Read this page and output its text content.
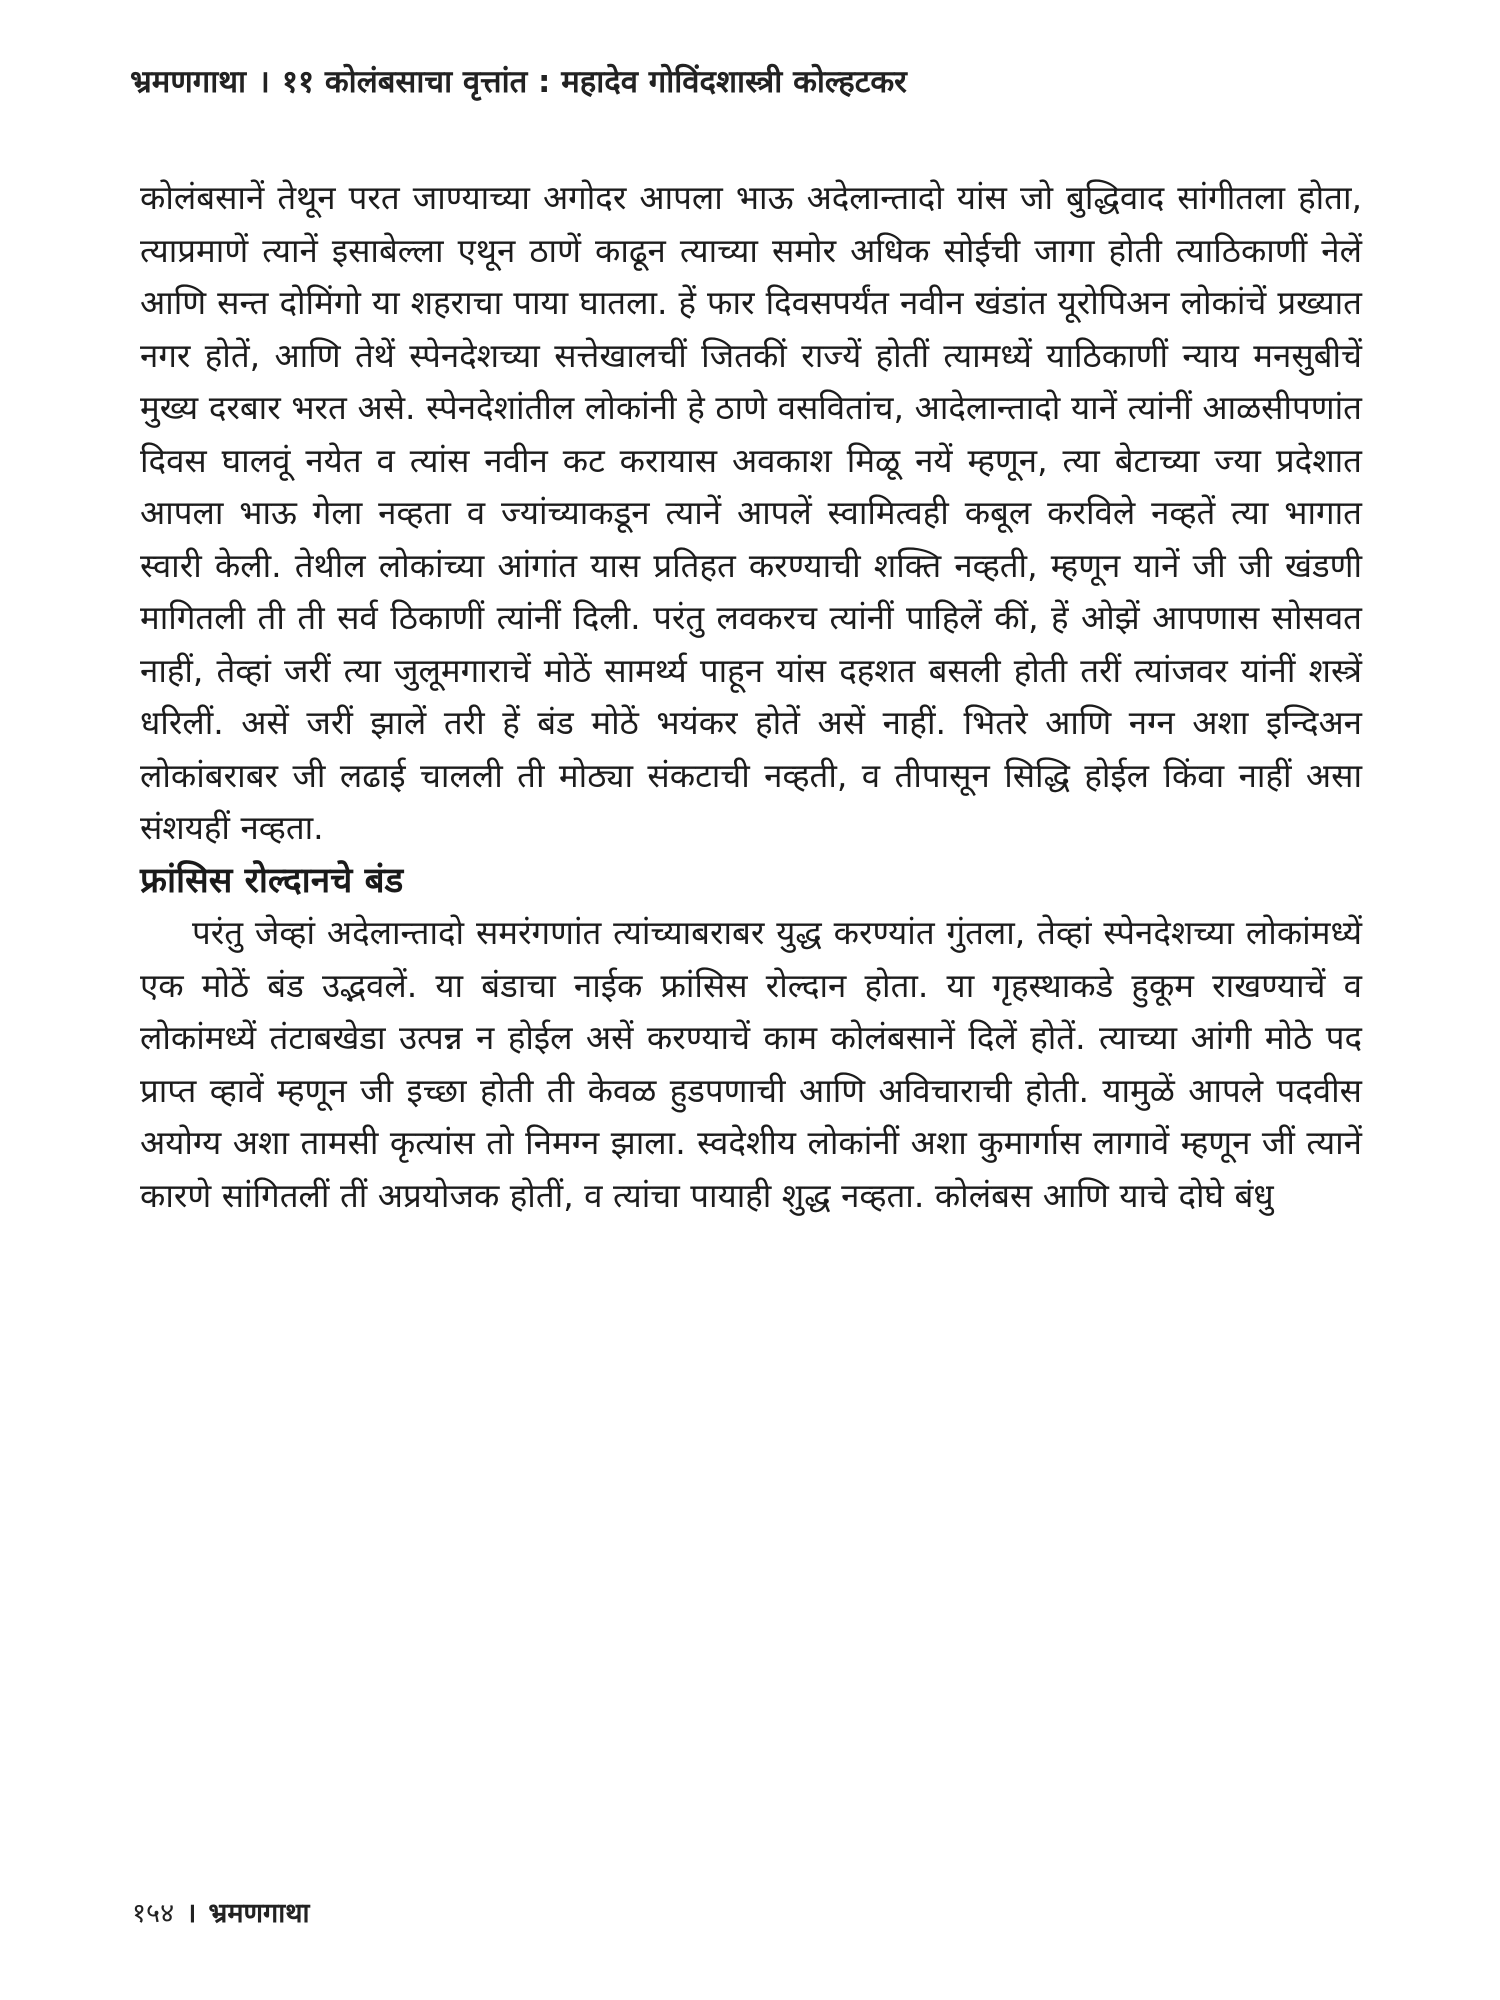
भ्रमणगाथा । ११ कोलंबसाचा वृत्तांत : महादेव गोविंदशास्त्री कोल्हटकर

कोलंबसानें तेथून परत जाण्याच्या अगोदर आपला भाऊ अदेलान्तादो यांस जो बुद्धिवाद सांगीतला होता, त्याप्रमाणें त्यानें इसाबेल्ला एथून ठाणें काढून त्याच्या समोर अधिक सोईची जागा होती त्याठिकाणीं नेलें आणि सन्त दोमिंगो या शहराचा पाया घातला. हें फार दिवसपर्यंत नवीन खंडांत यूरोपिअन लोकांचें प्रख्यात नगर होतें, आणि तेथें स्पेनदेशच्या सत्तेखालचीं जितकीं राज्यें होतीं त्यामध्यें याठिकाणीं न्याय मनसुबीचें मुख्य दरबार भरत असे. स्पेनदेशांतील लोकांनी हे ठाणे वसवितांच, आदेलान्तादो यानें त्यांनीं आळसीपणांत दिवस घालवूं नयेत व त्यांस नवीन कट करायास अवकाश मिळू नयें म्हणून, त्या बेटाच्या ज्या प्रदेशात आपला भाऊ गेला नव्हता व ज्यांच्याकडून त्यानें आपलें स्वामित्वही कबूल करविले नव्हतें त्या भागात स्वारी केली. तेथील लोकांच्या आंगांत यास प्रतिहत करण्याची शक्ति नव्हती, म्हणून यानें जी जी खंडणी मागितली ती ती सर्व ठिकाणीं त्यांनीं दिली. परंतु लवकरच त्यांनीं पाहिलें कीं, हें ओझें आपणास सोसवत नाहीं, तेव्हां जरीं त्या जुलूमगाराचें मोठें सामर्थ्य पाहून यांस दहशत बसली होती तरीं त्यांजवर यांनीं शस्त्रें धरिलीं. असें जरीं झालें तरी हें बंड मोठें भयंकर होतें असें नाहीं. भितरे आणि नग्न अशा इन्दिअन लोकांबराबर जी लढाई चालली ती मोठ्या संकटाची नव्हती, व तीपासून सिद्धि होईल किंवा नाहीं असा संशयहीं नव्हता.

फ्रांसिस रोल्दानचे बंड

परंतु जेव्हां अदेलान्तादो समरंगणांत त्यांच्याबराबर युद्ध करण्यांत गुंतला, तेव्हां स्पेनदेशच्या लोकांमध्यें एक मोठें बंड उद्भवलें. या बंडाचा नाईक फ्रांसिस रोल्दान होता. या गृहस्थाकडे हुकूम राखण्याचें व लोकांमध्यें तंटाबखेडा उत्पन्न न होईल असें करण्याचें काम कोलंबसानें दिलें होतें. त्याच्या आंगी मोठे पद प्राप्त व्हावें म्हणून जी इच्छा होती ती केवळ हुडपणाची आणि अविचाराची होती. यामुळें आपले पदवीस अयोग्य अशा तामसी कृत्यांस तो निमग्न झाला. स्वदेशीय लोकांनीं अशा कुमार्गास लागावें म्हणून जीं त्यानें कारणे सांगितलीं तीं अप्रयोजक होतीं, व त्यांचा पायाही शुद्ध नव्हता. कोलंबस आणि याचे दोघे बंधु

१५४ । भ्रमणगाथा
